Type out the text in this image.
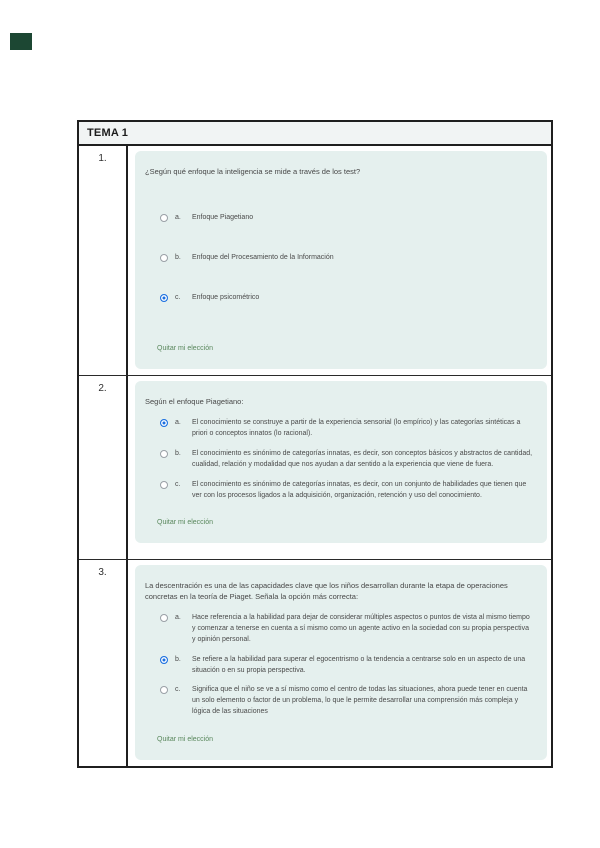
TEMA 1
1.
¿Según qué enfoque la inteligencia se mide a través de los test?
a.	Enfoque Piagetiano
b.	Enfoque del Procesamiento de la Información
c.	Enfoque psicométrico
Quitar mi elección
2.
Según el enfoque Piagetiano:
a.	El conocimiento se construye a partir de la experiencia sensorial (lo empírico) y las categorías sintéticas a priori o conceptos innatos (lo racional).
b.	El conocimiento es sinónimo de categorías innatas, es decir, son conceptos básicos y abstractos de cantidad, cualidad, relación y modalidad que nos ayudan a dar sentido a la experiencia que viene de fuera.
c.	El conocimiento es sinónimo de categorías innatas, es decir, con un conjunto de habilidades que tienen que ver con los procesos ligados a la adquisición, organización, retención y uso del conocimiento.
Quitar mi elección
3.
La descentración es una de las capacidades clave que los niños desarrollan durante la etapa de operaciones concretas en la teoría de Piaget. Señala la opción más correcta:
a.	Hace referencia a la habilidad para dejar de considerar múltiples aspectos o puntos de vista al mismo tiempo y comenzar a tenerse en cuenta a sí mismo como un agente activo en la sociedad con su propia perspectiva y opinión personal.
b.	Se refiere a la habilidad para superar el egocentrismo o la tendencia a centrarse solo en un aspecto de una situación o en su propia perspectiva.
c.	Significa que el niño se ve a sí mismo como el centro de todas las situaciones, ahora puede tener en cuenta un solo elemento o factor de un problema, lo que le permite desarrollar una comprensión más compleja y lógica de las situaciones
Quitar mi elección
